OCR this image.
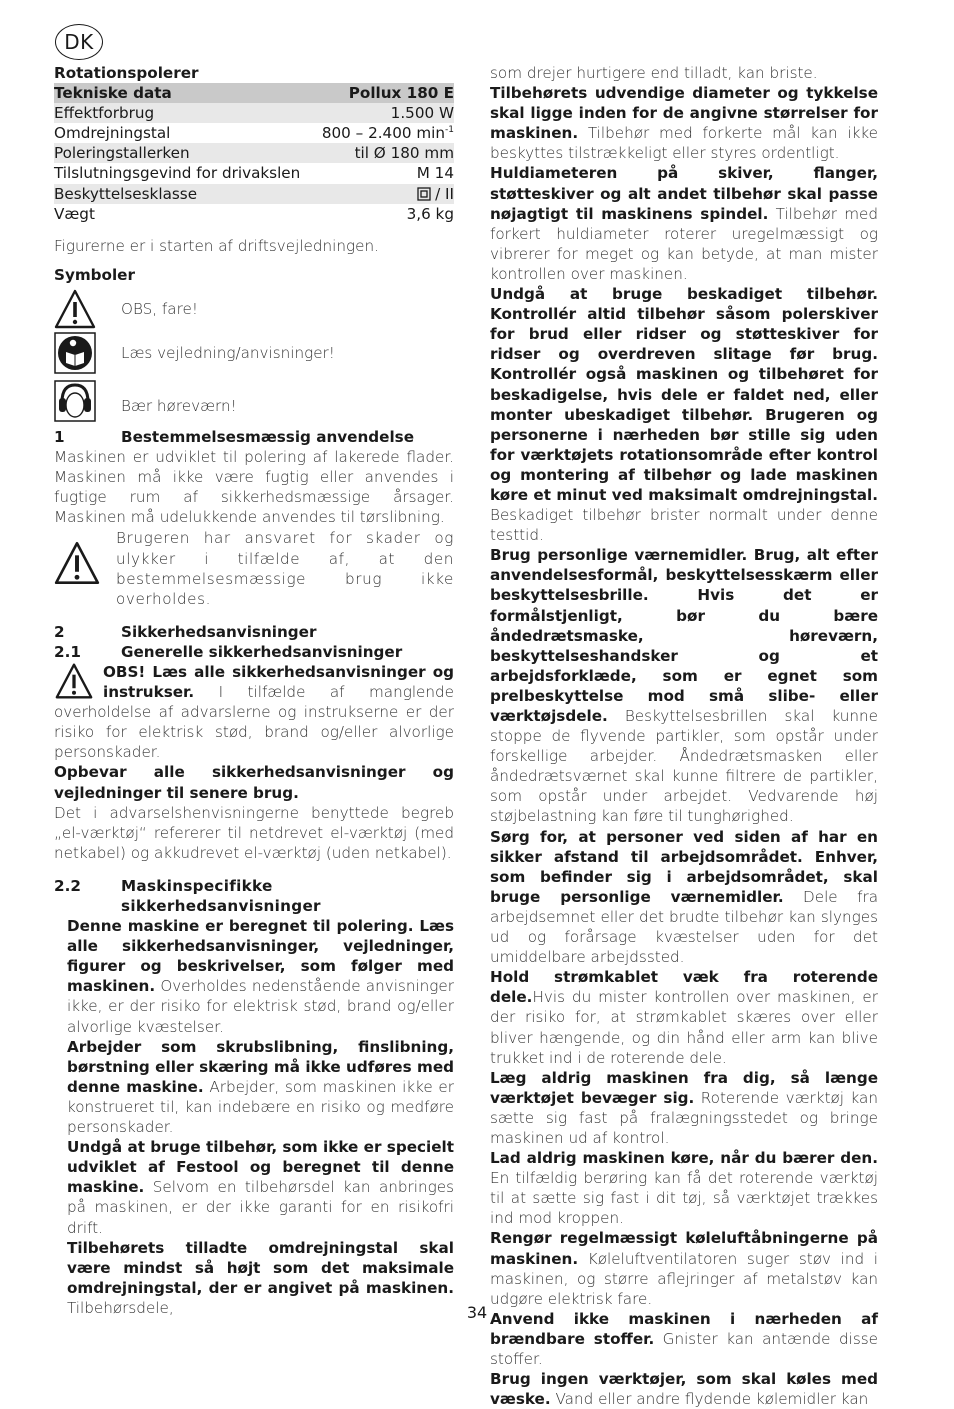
DK
Rotationspolerer
Tekniske data	Pollux 180 E
Effektforbrug	1.500 W
Omdrejningstal	800 – 2.400 $\min^{-1}$
Poleringstallerken	til Ø 180 mm
Tilslutningsgevind for drivakslen	M 14
Beskyttelsesklasse	/ II
Vægt	3,6 kg

Figurerne er i starten af driftsvejledningen.

Symboler
OBS, fare!
Læs vejledning/anvisninger!
Bær høreværn!
1	Bestemmelsesmæssig anvendelse

Maskinen er udviklet til polering af lakerede flader. Maskinen må ikke være fugtig eller anvendes i fugtige rum af sikkerhedsmæssige årsager. Maskinen må udelukkende anvendes til tørslibning.

Brugeren har ansvaret for skader og ulykker i tilfælde af, at den bestemmelsesmæssige brug ikke overholdes.

2	Sikkerhedsanvisninger
2.1	Generelle sikkerhedsanvisninger

OBS! Læs alle sikkerhedsanvisninger og instrukser. I tilfælde af manglende overholdelse af advarslerne og instrukserne er der risiko for elektrisk stød, brand og/eller alvorlige personskader.

Opbevar alle sikkerhedsanvisninger og vejledninger til senere brug.

Det i advarselshenvisningerne benyttede begreb „el-værktøj“ refererer til netdrevet el-værktøj (med netkabel) og akkudrevet el-værktøj (uden netkabel).

2.2	Maskinspecifikke sikkerhedsanvisninger

Denne maskine er beregnet til polering. Læs alle sikkerhedsanvisninger, vejledninger, figurer og beskrivelser, som følger med maskinen. Overholdes nedenstående anvisninger ikke, er der risiko for elektrisk stød, brand og/eller alvorlige kvæstelser.

Arbejder som skrubslibning, finslibning, børstning eller skæring må ikke udføres med denne maskine. Arbejder, som maskinen ikke er konstrueret til, kan indebære en risiko og medføre personskader.

Undgå at bruge tilbehør, som ikke er specielt udviklet af Festool og beregnet til denne maskine. Selvom en tilbehørsdel kan anbringes på maskinen, er der ikke garanti for en risikofri drift.

Tilbehørets tilladte omdrejningstal skal være mindst så højt som det maksimale omdrejningstal, der er angivet på maskinen. Tilbehørsdele,

som drejer hurtigere end tilladt, kan briste.

Tilbehørets udvendige diameter og tykkelse skal ligge inden for de angivne størrelser for maskinen. Tilbehør med forkerte mål kan ikke beskyttes tilstrækkeligt eller styres ordentligt.

Huldiameteren på skiver, flanger, støtteskiver og alt andet tilbehør skal passe nøjagtigt til maskinens spindel. Tilbehør med forkert huldiameter roterer uregelmæssigt og vibrerer for meget og kan betyde, at man mister kontrollen over maskinen.

Undgå at bruge beskadiget tilbehør. Kontrollér altid tilbehør såsom polerskiver for brud eller ridser og støtteskiver for ridser og overdreven slitage før brug. Kontrollér også maskinen og tilbehøret for beskadigelse, hvis dele er faldet ned, eller monter ubeskadiget tilbehør. Brugeren og personerne i nærheden bør stille sig uden for værktøjets rotationsområde efter kontrol og montering af tilbehør og lade maskinen køre et minut ved maksimalt omdrejningstal. Beskadiget tilbehør brister normalt under denne testtid.

Brug personlige værnemidler. Brug, alt efter anvendelsesformål, beskyttelsesskærm eller beskyttelsesbrille. Hvis det er formålstjenligt, bør du bære åndedrætsmaske, høreværn, beskyttelseshandsker og et arbejdsforklæde, som er egnet som prelbeskyttelse mod små slibe- eller værktøjsdele. Beskyttelsesbrillen skal kunne stoppe de flyvende partikler, som opstår under forskellige arbejder. Åndedrætsmasken eller åndedrætsværnet skal kunne filtrere de partikler, som opstår under arbejdet. Vedvarende høj støjbelastning kan føre til tunghørighed.

Sørg for, at personer ved siden af har en sikker afstand til arbejdsområdet. Enhver, som befinder sig i arbejdsområdet, skal bruge personlige værnemidler. Dele fra arbejdsemnet eller det brudte tilbehør kan slynges ud og forårsage kvæstelser uden for det umiddelbare arbejdssted.

Hold strømkablet væk fra roterende dele.Hvis du mister kontrollen over maskinen, er der risiko for, at strømkablet skæres over eller bliver hængende, og din hånd eller arm kan blive trukket ind i de roterende dele.

Læg aldrig maskinen fra dig, så længe værktøjet bevæger sig. Roterende værktøj kan sætte sig fast på fralægningsstedet og bringe maskinen ud af kontrol.

Lad aldrig maskinen køre, når du bærer den. En tilfældig berøring kan få det roterende værktøj til at sætte sig fast i dit tøj, så værktøjet trækkes ind mod kroppen.

Rengør regelmæssigt køleluftåbningerne på maskinen. Køleluftventilatoren suger støv ind i maskinen, og større aflejringer af metalstøv kan udgøre elektrisk fare.

Anvend ikke maskinen i nærheden af brændbare stoffer. Gnister kan antænde disse stoffer.

Brug ingen værktøjer, som skal køles med væske. Vand eller andre flydende kølemidler kan

34
